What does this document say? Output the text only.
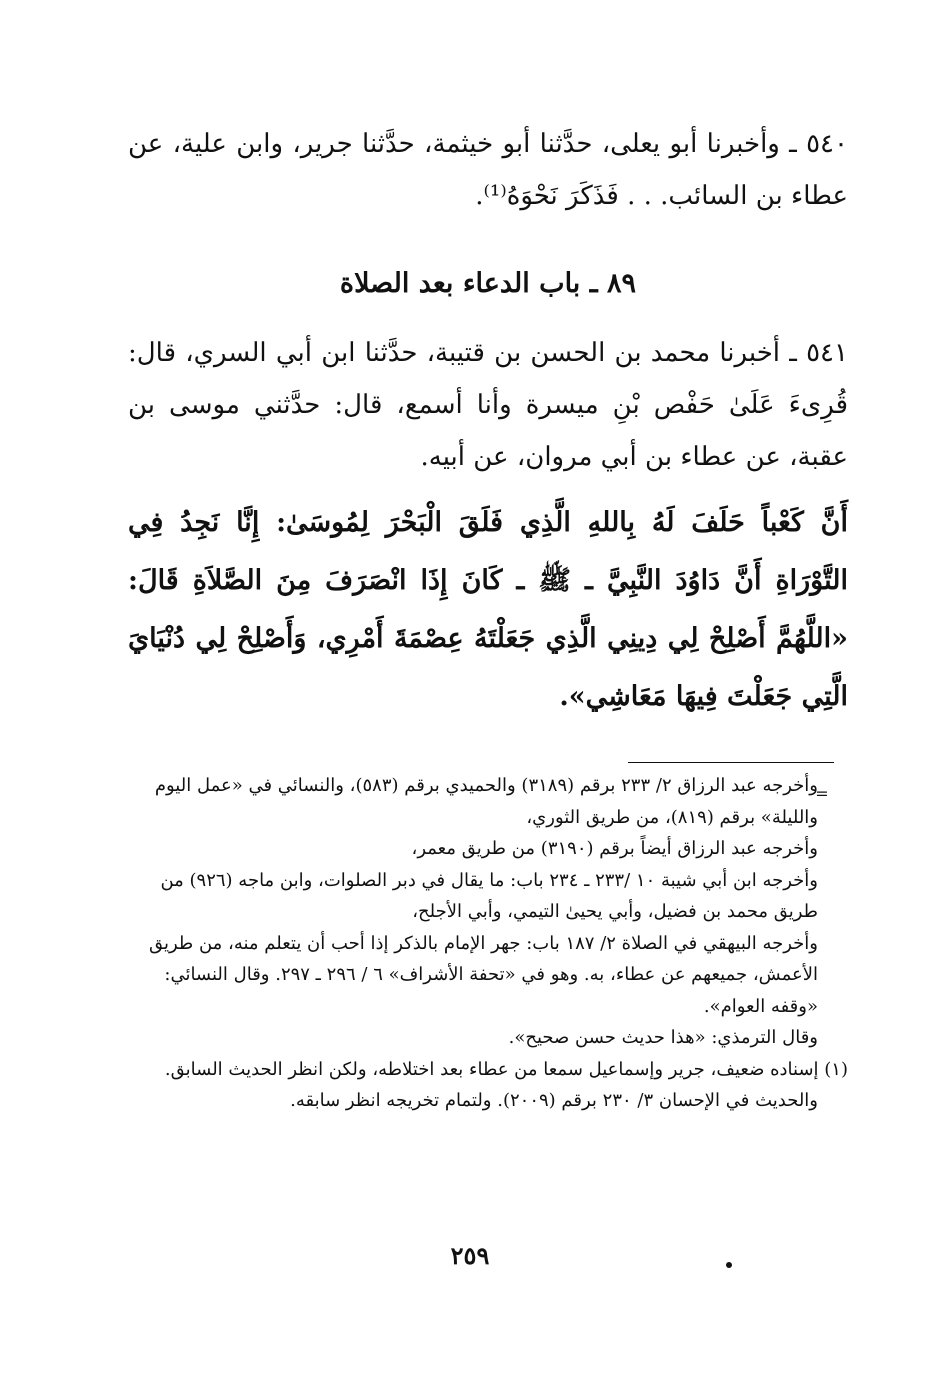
٥٤٠ ـ وأخبرنا أبو يعلى، حدَّثنا أبو خيثمة، حدَّثنا جرير، وابن علية، عن عطاء بن السائب. . . فَذَكَرَ نَحْوَهُ⁽¹⁾.

٨٩ ـ باب الدعاء بعد الصلاة

٥٤١ ـ أخبرنا محمد بن الحسن بن قتيبة، حدَّثنا ابن أبي السري، قال: قُرِىءَ عَلَىٰ حَفْص بْنِ ميسرة وأنا أسمع، قال: حدَّثني موسى بن عقبة، عن عطاء بن أبي مروان، عن أبيه.

أَنَّ كَعْباً حَلَفَ لَهُ بِاللهِ الَّذِي فَلَقَ الْبَحْرَ لِمُوسَىٰ: إِنَّا نَجِدُ فِي التَّوْرَاةِ أَنَّ دَاوُدَ النَّبِيَّ ـ ﷺ ـ كَانَ إِذَا انْصَرَفَ مِنَ الصَّلاَةِ قَالَ: «اللَّهُمَّ أَصْلِحْ لِي دِينِي الَّذِي جَعَلْتَهُ عِصْمَةَ أَمْرِي، وَأَصْلِحْ لِي دُنْيَايَ الَّتِي جَعَلْتَ فِيهَا مَعَاشِي».

=

وأخرجه عبد الرزاق ٢/ ٢٣٣ برقم (٣١٨٩) والحميدي برقم (٥٨٣)، والنسائي في «عمل اليوم والليلة» برقم (٨١٩)، من طريق الثوري،

وأخرجه عبد الرزاق أيضاً برقم (٣١٩٠) من طريق معمر،

وأخرجه ابن أبي شيبة ١٠ /٢٣٣ ـ ٢٣٤ باب: ما يقال في دبر الصلوات، وابن ماجه (٩٢٦) من طريق محمد بن فضيل، وأبي يحيىٰ التيمي، وأبي الأجلح،

وأخرجه البيهقي في الصلاة ٢/ ١٨٧ باب: جهر الإمام بالذكر إذا أحب أن يتعلم منه، من طريق الأعمش، جميعهم عن عطاء، به. وهو في «تحفة الأشراف» ٦ / ٢٩٦ ـ ٢٩٧. وقال النسائي: «وقفه العوام».

وقال الترمذي: «هذا حديث حسن صحيح».

(١) إسناده ضعيف، جرير وإسماعيل سمعا من عطاء بعد اختلاطه، ولكن انظر الحديث السابق.

والحديث في الإحسان ٣/ ٢٣٠ برقم (٢٠٠٩). ولتمام تخريجه انظر سابقه.

٢٥٩
